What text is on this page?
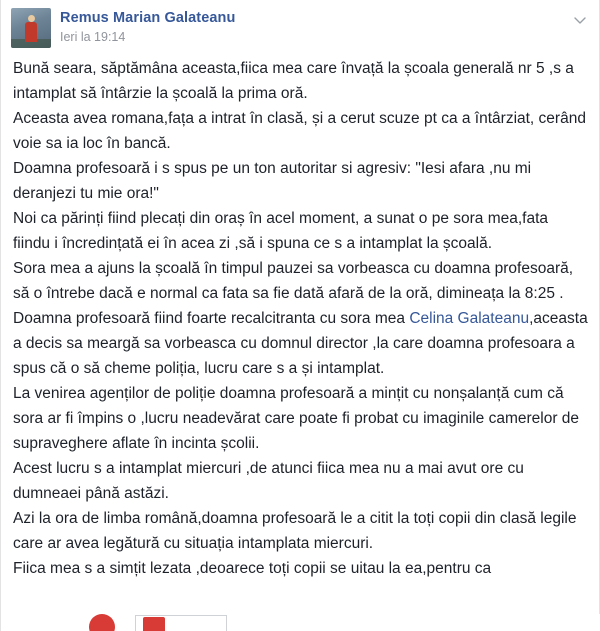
Remus Marian Galateanu
Ieri la 19:14

Bună seara, săptămâna aceasta,fiica mea care învață la școala generală nr 5 ,s a intamplat să întârzie la școală la prima oră.

Aceasta avea romana,fața a intrat în clasă, și a cerut scuze pt ca a întârziat, cerând voie sa ia loc în bancă.

Doamna profesoară i s spus pe un ton autoritar si agresiv: "Iesi afara ,nu mi deranjezi tu mie ora!"

Noi ca părinți fiind plecați din oraș în acel moment, a sunat o pe sora mea,fata fiindu i încredințată ei în acea zi ,să i spuna ce s a intamplat la școală.

Sora mea a ajuns la școală în timpul pauzei sa vorbeasca cu doamna profesoară, să o întrebe dacă e normal ca fata sa fie dată afară de la oră, dimineața la 8:25 .

Doamna profesoară fiind foarte recalcitranta cu sora mea Celina Galateanu,aceasta a decis sa meargă sa vorbeasca cu domnul director ,la care doamna profesoara a spus că o să cheme poliția, lucru care s a și intamplat.

La venirea agenților de poliție doamna profesoară a mințit cu nonșalanță cum că sora ar fi împins o ,lucru neadevărat care poate fi probat cu imaginile camerelor de supraveghere aflate în incinta școlii.

Acest lucru s a intamplat miercuri ,de atunci fiica mea nu a mai avut ore cu dumneaei până astăzi.

Azi la ora de limba română,doamna profesoară le a citit la toți copii din clasă legile care ar avea legătură cu situația intamplata miercuri.

Fiica mea s a simțit lezata ,deoarece toți copii se uitau la ea,pentru ca
